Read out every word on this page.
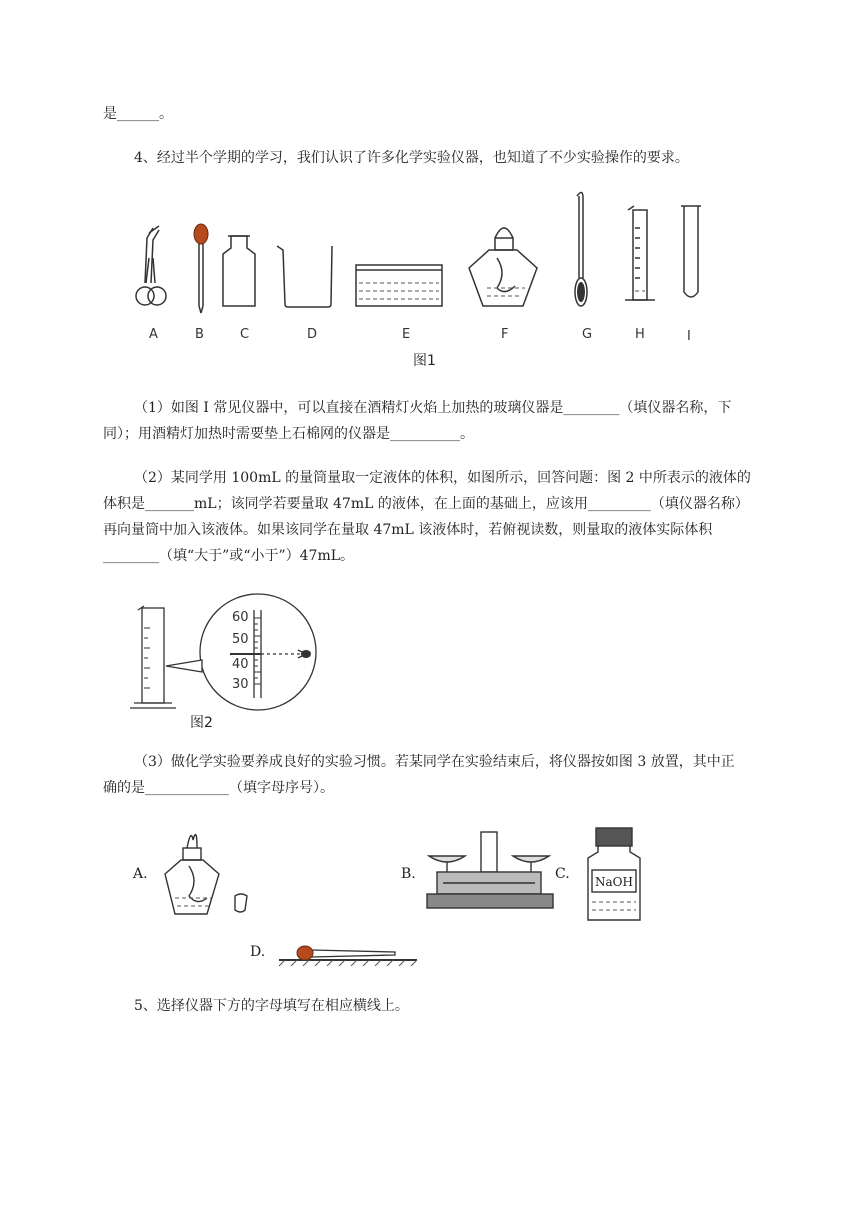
是______。
4、经过半个学期的学习，我们认识了许多化学实验仪器，也知道了不少实验操作的要求。
A	B	C	D	E	F	G	H	I
图1
（1）如图 I 常见仪器中，可以直接在酒精灯火焰上加热的玻璃仪器是________（填仪器名称，下
同）；用酒精灯加热时需要垫上石棉网的仪器是__________。
（2）某同学用 100mL 的量筒量取一定液体的体积，如图所示，回答问题：图 2 中所表示的液体的
体积是_______mL；该同学若要量取 47mL 的液体，在上面的基础上，应该用_________（填仪器名称）
再向量筒中加入该液体。如果该同学在量取 47mL 该液体时，若俯视读数，则量取的液体实际体积
________（填“大于”或“小于”）47mL。
60
50
40
30
图2
（3）做化学实验要养成良好的实验习惯。若某同学在实验结束后，将仪器按如图 3 放置，其中正
确的是____________（填字母序号）。
A.	B.	C. NaOH
D.
5、选择仪器下方的字母填写在相应横线上。
